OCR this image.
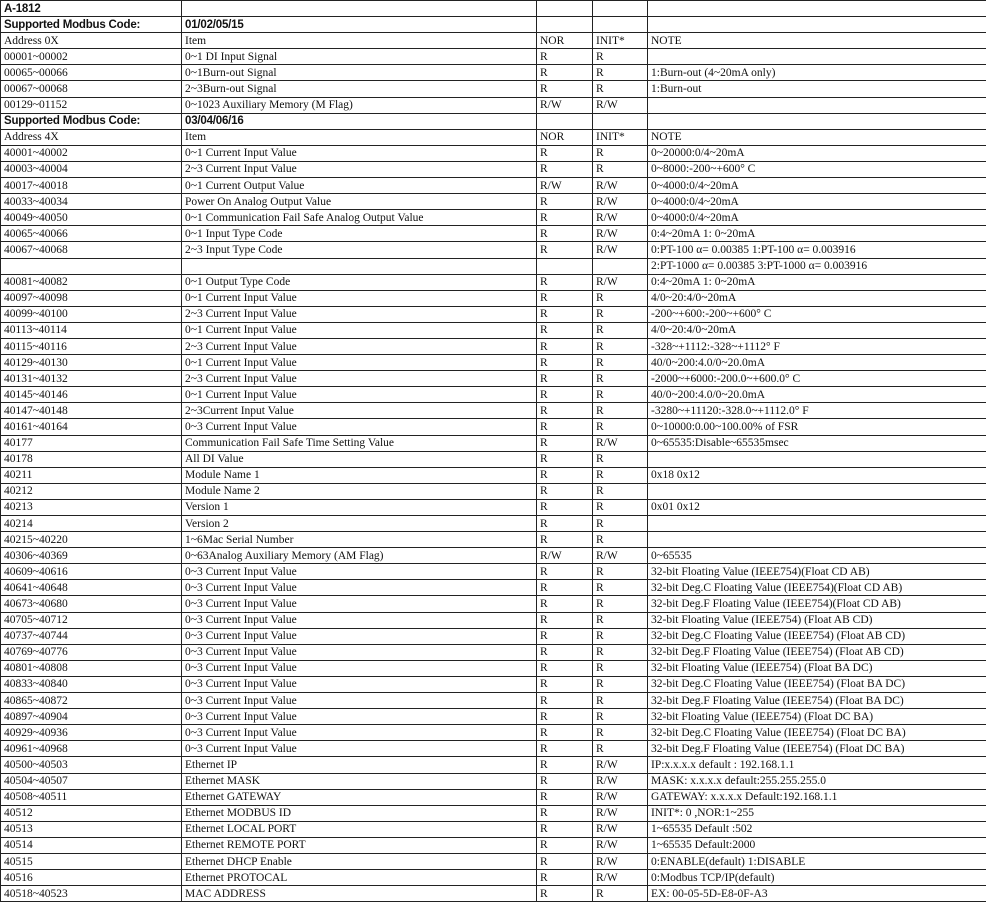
A-1812				
Supported Modbus Code:	01/02/05/15			
Address 0X	Item	NOR	INIT*	NOTE
00001~00002	0~1 DI Input Signal	R	R	
00065~00066	0~1Burn-out Signal	R	R	1:Burn-out (4~20mA only)
00067~00068	2~3Burn-out Signal	R	R	1:Burn-out
00129~01152	0~1023 Auxiliary Memory (M Flag)	R/W	R/W	
Supported Modbus Code:	03/04/06/16			
Address 4X	Item	NOR	INIT*	NOTE
40001~40002	0~1 Current Input Value	R	R	0~20000:0/4~20mA
40003~40004	2~3 Current Input Value	R	R	0~8000:-200~+600° C
40017~40018	0~1 Current Output Value	R/W	R/W	0~4000:0/4~20mA
40033~40034	Power On Analog Output Value	R	R/W	0~4000:0/4~20mA
40049~40050	0~1 Communication Fail Safe Analog Output Value	R	R/W	0~4000:0/4~20mA
40065~40066	0~1 Input Type Code	R	R/W	0:4~20mA 1: 0~20mA
40067~40068	2~3 Input Type Code	R	R/W	0:PT-100 α= 0.00385 1:PT-100 α= 0.003916
				2:PT-1000 α= 0.00385 3:PT-1000 α= 0.003916
40081~40082	0~1 Output Type Code	R	R/W	0:4~20mA 1: 0~20mA
40097~40098	0~1 Current Input Value	R	R	4/0~20:4/0~20mA
40099~40100	2~3 Current Input Value	R	R	-200~+600:-200~+600° C
40113~40114	0~1 Current Input Value	R	R	4/0~20:4/0~20mA
40115~40116	2~3 Current Input Value	R	R	-328~+1112:-328~+1112° F
40129~40130	0~1 Current Input Value	R	R	40/0~200:4.0/0~20.0mA
40131~40132	2~3 Current Input Value	R	R	-2000~+6000:-200.0~+600.0° C
40145~40146	0~1 Current Input Value	R	R	40/0~200:4.0/0~20.0mA
40147~40148	2~3Current Input Value	R	R	-3280~+11120:-328.0~+1112.0° F
40161~40164	0~3 Current Input Value	R	R	0~10000:0.00~100.00% of FSR
40177	Communication Fail Safe Time Setting Value	R	R/W	0~65535:Disable~65535msec
40178	All DI Value	R	R	
40211	Module Name 1	R	R	0x18 0x12
40212	Module Name 2	R	R	
40213	Version 1	R	R	0x01 0x12
40214	Version 2	R	R	
40215~40220	1~6Mac Serial Number	R	R	
40306~40369	0~63Analog Auxiliary Memory (AM Flag)	R/W	R/W	0~65535
40609~40616	0~3 Current Input Value	R	R	32-bit Floating Value (IEEE754)(Float CD AB)
40641~40648	0~3 Current Input Value	R	R	32-bit Deg.C Floating Value (IEEE754)(Float CD AB)
40673~40680	0~3 Current Input Value	R	R	32-bit Deg.F Floating Value (IEEE754)(Float CD AB)
40705~40712	0~3 Current Input Value	R	R	32-bit Floating Value (IEEE754) (Float AB CD)
40737~40744	0~3 Current Input Value	R	R	32-bit Deg.C Floating Value (IEEE754) (Float AB CD)
40769~40776	0~3 Current Input Value	R	R	32-bit Deg.F Floating Value (IEEE754) (Float AB CD)
40801~40808	0~3 Current Input Value	R	R	32-bit Floating Value (IEEE754) (Float BA DC)
40833~40840	0~3 Current Input Value	R	R	32-bit Deg.C Floating Value (IEEE754) (Float BA DC)
40865~40872	0~3 Current Input Value	R	R	32-bit Deg.F Floating Value (IEEE754) (Float BA DC)
40897~40904	0~3 Current Input Value	R	R	32-bit Floating Value (IEEE754) (Float DC BA)
40929~40936	0~3 Current Input Value	R	R	32-bit Deg.C Floating Value (IEEE754) (Float DC BA)
40961~40968	0~3 Current Input Value	R	R	32-bit Deg.F Floating Value (IEEE754) (Float DC BA)
40500~40503	Ethernet IP	R	R/W	IP:x.x.x.x default : 192.168.1.1
40504~40507	Ethernet MASK	R	R/W	MASK: x.x.x.x default:255.255.255.0
40508~40511	Ethernet GATEWAY	R	R/W	GATEWAY: x.x.x.x Default:192.168.1.1
40512	Ethernet MODBUS ID	R	R/W	INIT*: 0 ,NOR:1~255
40513	Ethernet LOCAL PORT	R	R/W	1~65535 Default :502
40514	Ethernet REMOTE PORT	R	R/W	1~65535 Default:2000
40515	Ethernet DHCP Enable	R	R/W	0:ENABLE(default) 1:DISABLE
40516	Ethernet PROTOCAL	R	R/W	0:Modbus TCP/IP(default)
40518~40523	MAC ADDRESS	R	R	EX: 00-05-5D-E8-0F-A3
